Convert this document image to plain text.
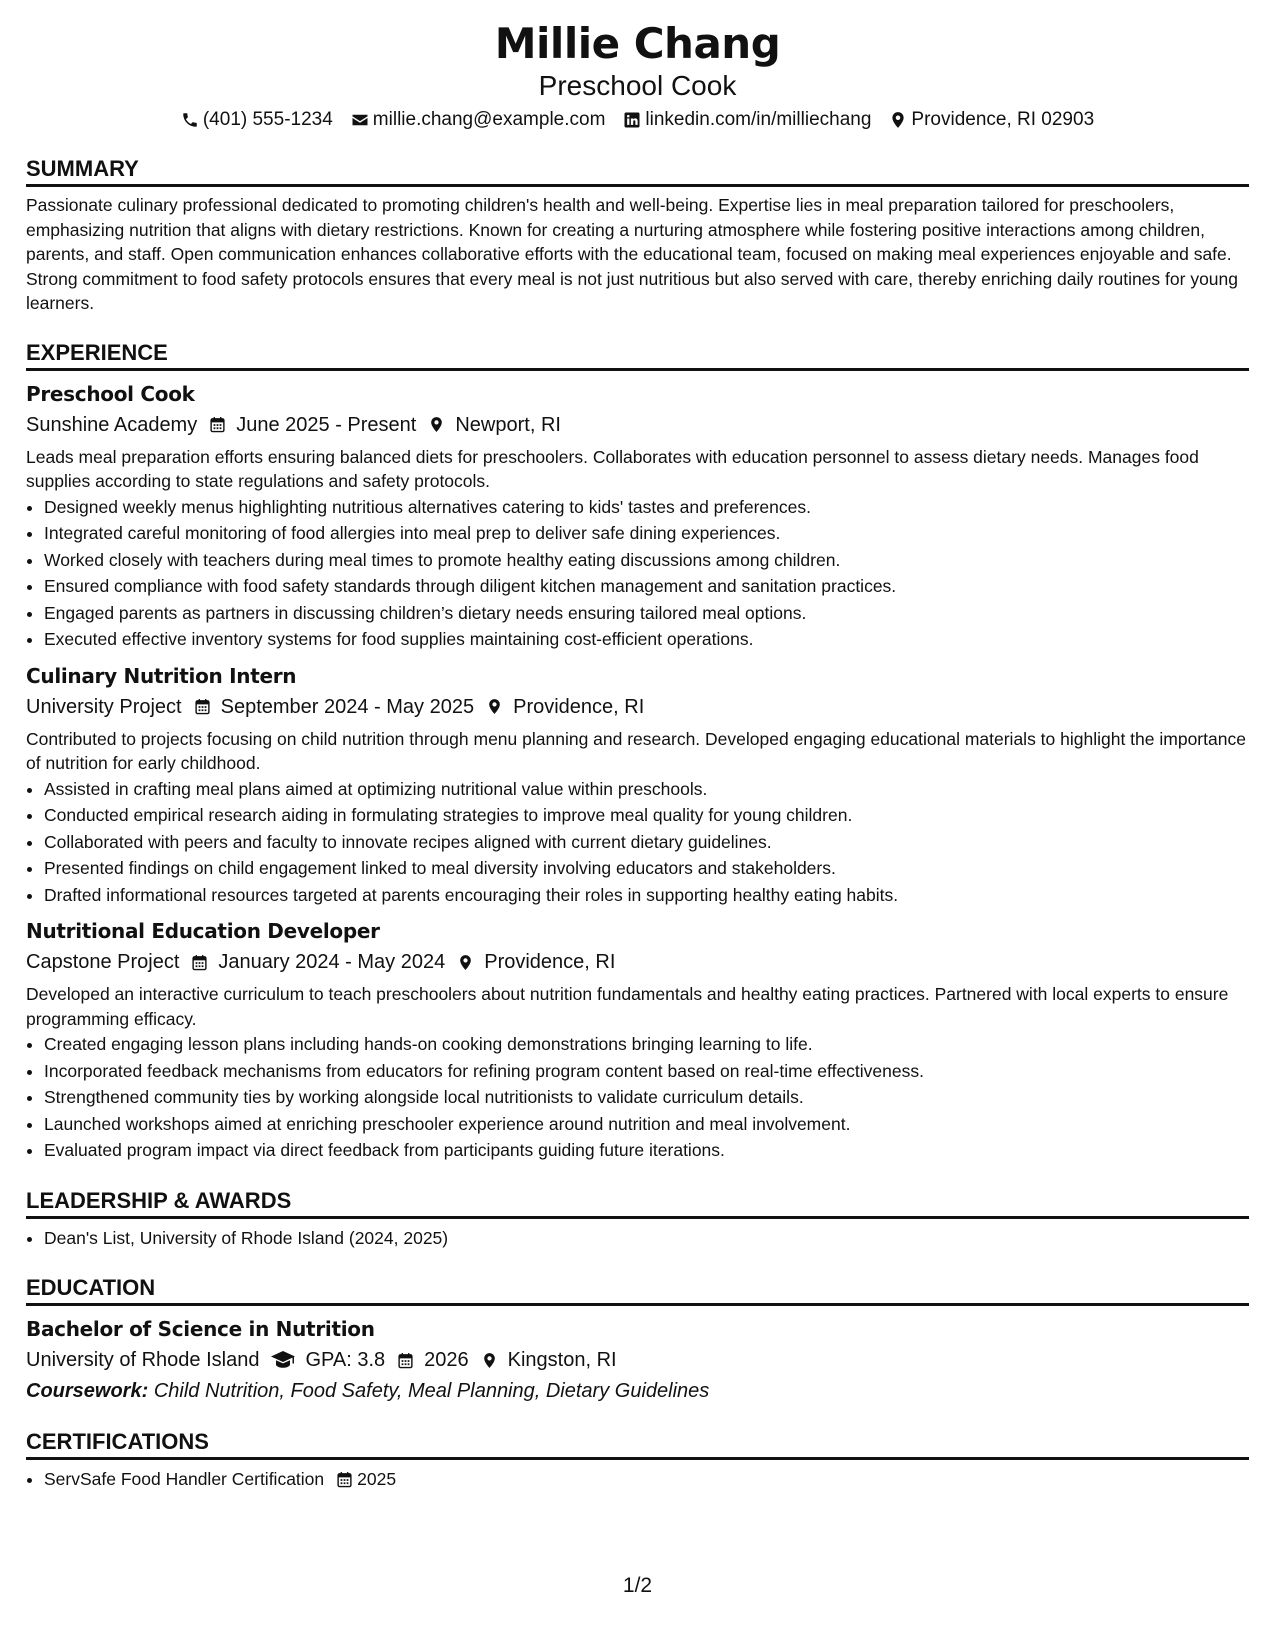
Millie Chang
Preschool Cook
(401) 555-1234 millie.chang@example.com linkedin.com/in/milliechang Providence, RI 02903
SUMMARY
Passionate culinary professional dedicated to promoting children's health and well-being. Expertise lies in meal preparation tailored for preschoolers, emphasizing nutrition that aligns with dietary restrictions. Known for creating a nurturing atmosphere while fostering positive interactions among children, parents, and staff. Open communication enhances collaborative efforts with the educational team, focused on making meal experiences enjoyable and safe. Strong commitment to food safety protocols ensures that every meal is not just nutritious but also served with care, thereby enriching daily routines for young learners.
EXPERIENCE
Preschool Cook
Sunshine Academy June 2025 - Present Newport, RI
Leads meal preparation efforts ensuring balanced diets for preschoolers. Collaborates with education personnel to assess dietary needs. Manages food supplies according to state regulations and safety protocols.
• Designed weekly menus highlighting nutritious alternatives catering to kids' tastes and preferences.
• Integrated careful monitoring of food allergies into meal prep to deliver safe dining experiences.
• Worked closely with teachers during meal times to promote healthy eating discussions among children.
• Ensured compliance with food safety standards through diligent kitchen management and sanitation practices.
• Engaged parents as partners in discussing children’s dietary needs ensuring tailored meal options.
• Executed effective inventory systems for food supplies maintaining cost-efficient operations.
Culinary Nutrition Intern
University Project September 2024 - May 2025 Providence, RI
Contributed to projects focusing on child nutrition through menu planning and research. Developed engaging educational materials to highlight the importance of nutrition for early childhood.
• Assisted in crafting meal plans aimed at optimizing nutritional value within preschools.
• Conducted empirical research aiding in formulating strategies to improve meal quality for young children.
• Collaborated with peers and faculty to innovate recipes aligned with current dietary guidelines.
• Presented findings on child engagement linked to meal diversity involving educators and stakeholders.
• Drafted informational resources targeted at parents encouraging their roles in supporting healthy eating habits.
Nutritional Education Developer
Capstone Project January 2024 - May 2024 Providence, RI
Developed an interactive curriculum to teach preschoolers about nutrition fundamentals and healthy eating practices. Partnered with local experts to ensure programming efficacy.
• Created engaging lesson plans including hands-on cooking demonstrations bringing learning to life.
• Incorporated feedback mechanisms from educators for refining program content based on real-time effectiveness.
• Strengthened community ties by working alongside local nutritionists to validate curriculum details.
• Launched workshops aimed at enriching preschooler experience around nutrition and meal involvement.
• Evaluated program impact via direct feedback from participants guiding future iterations.
LEADERSHIP & AWARDS
• Dean's List, University of Rhode Island (2024, 2025)
EDUCATION
Bachelor of Science in Nutrition
University of Rhode Island GPA: 3.8 2026 Kingston, RI
Coursework: Child Nutrition, Food Safety, Meal Planning, Dietary Guidelines
CERTIFICATIONS
• ServSafe Food Handler Certification 2025
1/2
